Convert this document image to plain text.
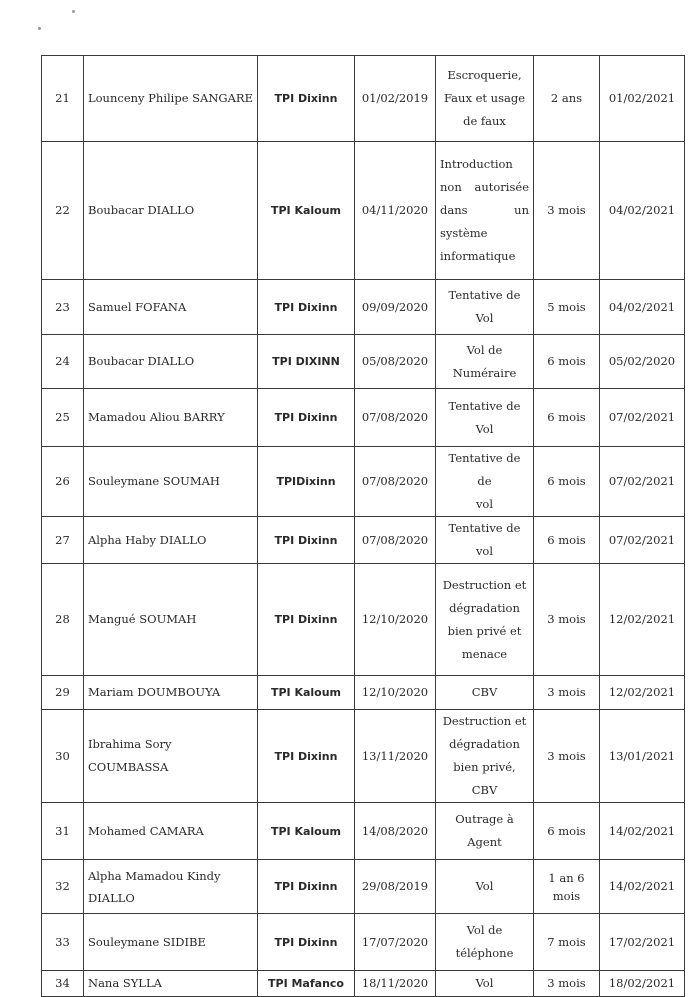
21	Lounceny Philipe SANGARE	TPI Dixinn	01/02/2019	Escroquerie,
Faux et usage
de faux	2 ans	01/02/2021
22	Boubacar DIALLO	TPI Kaloum	04/11/2020	Introduction
non autorisée
dans un
système
informatique	3 mois	04/02/2021
23	Samuel FOFANA	TPI Dixinn	09/09/2020	Tentative de
Vol	5 mois	04/02/2021
24	Boubacar DIALLO	TPI DIXINN	05/08/2020	Vol de
Numéraire	6 mois	05/02/2020
25	Mamadou Aliou BARRY	TPI Dixinn	07/08/2020	Tentative de
Vol	6 mois	07/02/2021
26	Souleymane SOUMAH	TPIDixinn	07/08/2020	Tentative de de
vol	6 mois	07/02/2021
27	Alpha Haby DIALLO	TPI Dixinn	07/08/2020	Tentative de vol	6 mois	07/02/2021
28	Mangué SOUMAH	TPI Dixinn	12/10/2020	Destruction et
dégradation
bien privé et
menace	3 mois	12/02/2021
29	Mariam DOUMBOUYA	TPI Kaloum	12/10/2020	CBV	3 mois	12/02/2021
30	Ibrahima Sory COUMBASSA	TPI Dixinn	13/11/2020	Destruction et
dégradation
bien privé, CBV	3 mois	13/01/2021
31	Mohamed CAMARA	TPI Kaloum	14/08/2020	Outrage à
Agent	6 mois	14/02/2021
32	Alpha Mamadou Kindy DIALLO	TPI Dixinn	29/08/2019	Vol	1 an 6 mois	14/02/2021
33	Souleymane SIDIBE	TPI Dixinn	17/07/2020	Vol de
téléphone	7 mois	17/02/2021
34	Nana SYLLA	TPI Mafanco	18/11/2020	Vol	3 mois	18/02/2021
